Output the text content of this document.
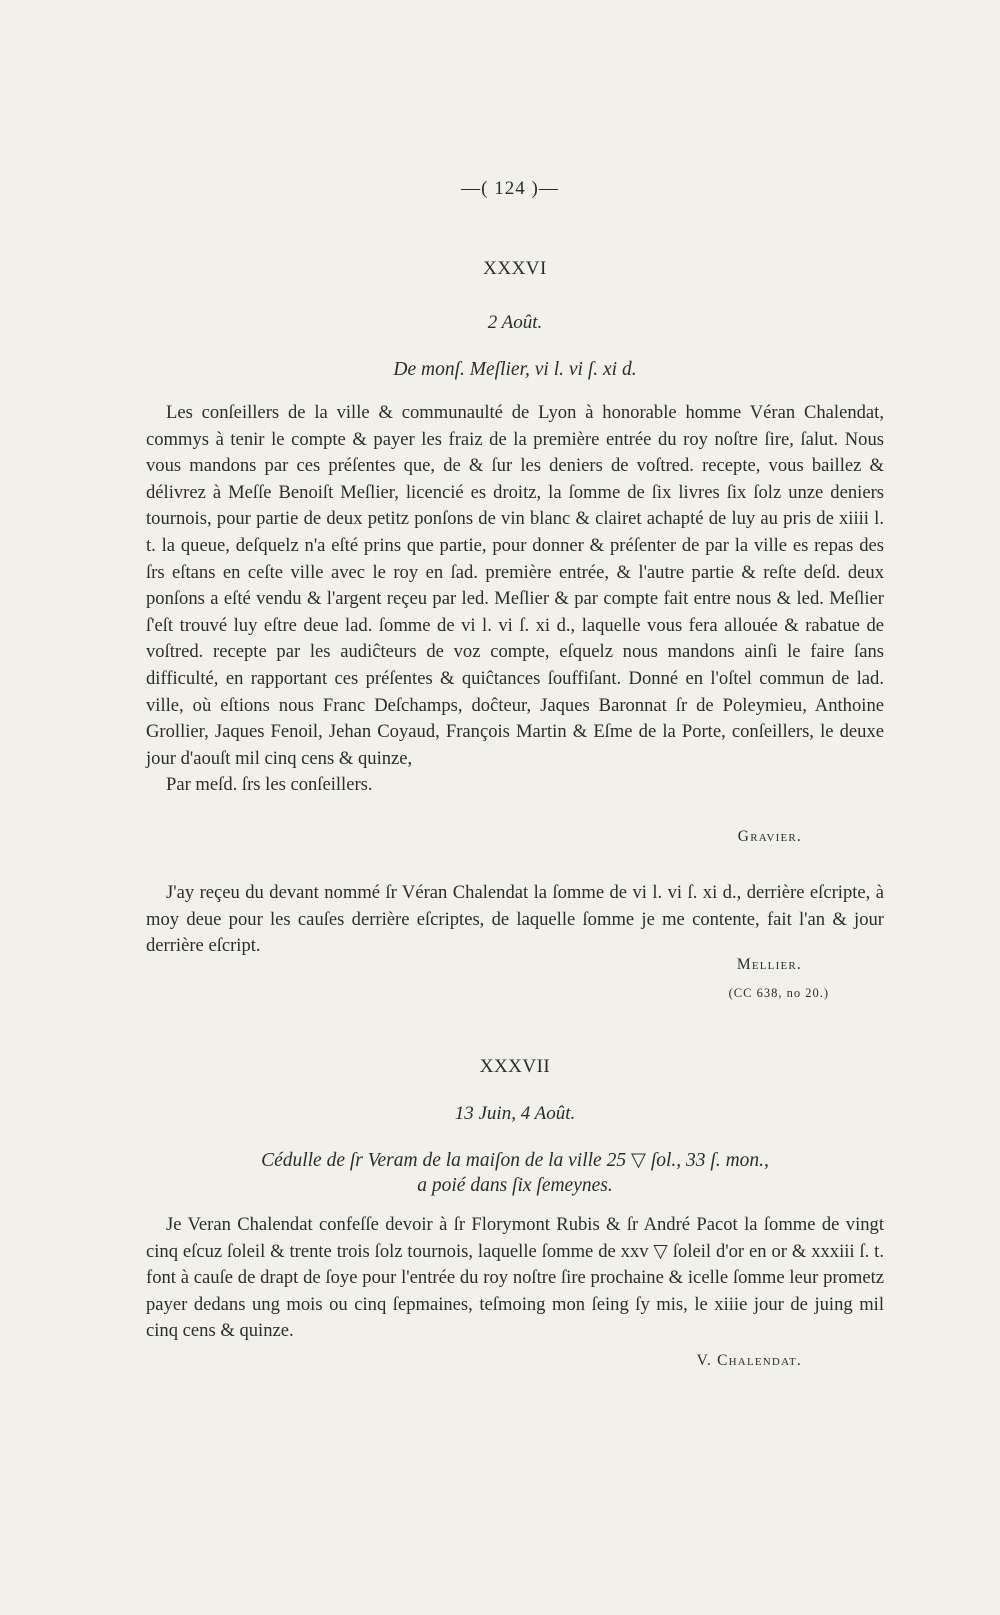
—( 124 )—

XXXVI

2 Août.

De monſ. Meſlier, vi l. vi ſ. xi d.

Les conſeillers de la ville & communaulté de Lyon à honorable homme Véran Chalendat, commys à tenir le compte & payer les fraiz de la première entrée du roy noſtre ſire, ſalut. Nous vous mandons par ces préſentes que, de & ſur les deniers de voſtred. recepte, vous baillez & délivrez à Meſſe Benoiſt Meſlier, licencié es droitz, la ſomme de ſix livres ſix ſolz unze deniers tournois, pour partie de deux petitz ponſons de vin blanc & clairet achapté de luy au pris de xiiii l. t. la queue, deſquelz n'a eſté prins que partie, pour donner & préſenter de par la ville es repas des ſrs eſtans en ceſte ville avec le roy en ſad. première entrée, & l'autre partie & reſte deſd. deux ponſons a eſté vendu & l'argent reçeu par led. Meſlier & par compte fait entre nous & led. Meſlier ſ'eſt trouvé luy eſtre deue lad. ſomme de vi l. vi ſ. xi d., laquelle vous fera allouée & rabatue de voſtred. recepte par les audiĉteurs de voz compte, eſquelz nous mandons ainſi le faire ſans difficulté, en rapportant ces préſentes & quiĉtances ſouffiſant. Donné en l'oſtel commun de lad. ville, où eſtions nous Franc Deſchamps, doĉteur, Jaques Baronnat ſr de Poleymieu, Anthoine Grollier, Jaques Fenoil, Jehan Coyaud, François Martin & Eſme de la Porte, conſeillers, le deuxe jour d'aouſt mil cinq cens & quinze,

Par meſd. ſrs les conſeillers.

Gravier.

J'ay reçeu du devant nommé ſr Véran Chalendat la ſomme de vi l. vi ſ. xi d., derrière eſcripte, à moy deue pour les cauſes derrière eſcriptes, de laquelle ſomme je me contente, fait l'an & jour derrière eſcript.

Mellier.

(CC 638, no 20.)

XXXVII

13 Juin, 4 Août.

Cédulle de ſr Veram de la maiſon de la ville 25 ▽ ſol., 33 ſ. mon.,

a poié dans ſix ſemeynes.

Je Veran Chalendat confeſſe devoir à ſr Florymont Rubis & ſr André Pacot la ſomme de vingt cinq eſcuz ſoleil & trente trois ſolz tournois, laquelle ſomme de xxv ▽ ſoleil d'or en or & xxxiii ſ. t. font à cauſe de drapt de ſoye pour l'entrée du roy noſtre ſire prochaine & icelle ſomme leur prometz payer dedans ung mois ou cinq ſepmaines, teſmoing mon ſeing ſy mis, le xiiie jour de juing mil cinq cens & quinze.

V. Chalendat.
